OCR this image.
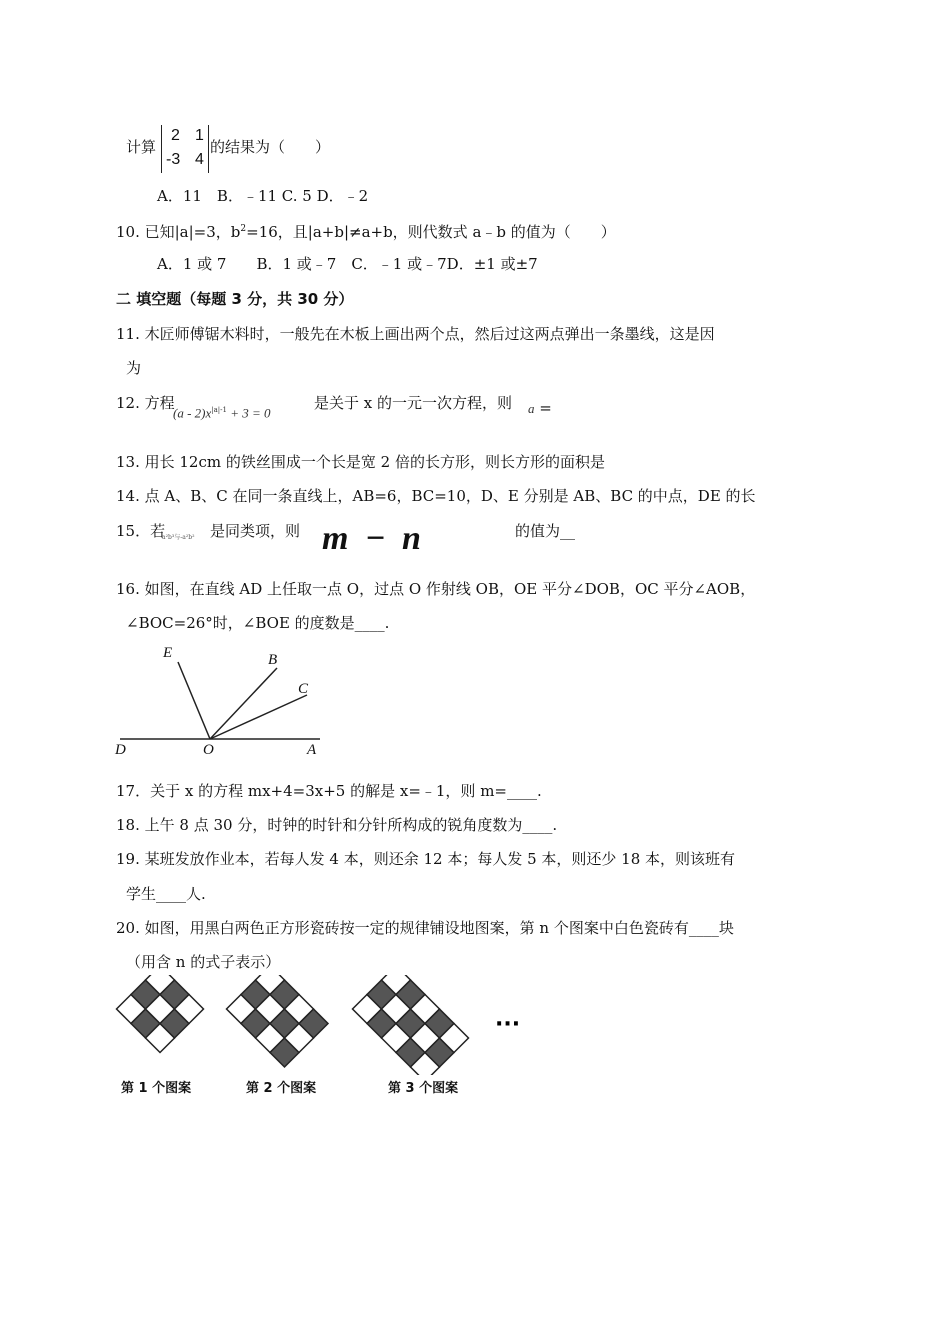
计算
2 1
-3 4
的结果为（　　）
A．11　B．﹣11 C. 5 D．﹣2
10. 已知|a|=3，$b^2=16$，且|a+b|≠a+b，则代数式 a﹣b 的值为（　　）
A．1 或 7　　B．1 或﹣7　C．﹣1 或﹣7D．±1 或±7
二 填空题（每题 3 分，共 30 分）
11. 木匠师傅锯木料时，一般先在木板上画出两个点，然后过这两点弹出一条墨线，这是因
为
12. 方程
$(a - 2)x^{|a|-1} + 3 = 0$
是关于 x 的一元一次方程，则 a =
13. 用长 12cm 的铁丝围成一个长是宽 2 倍的长方形，则长方形的面积是
14. 点 A、B、C 在同一条直线上，AB=6，BC=10，D、E 分别是 AB、BC 的中点，DE 的长
15．若
a²b³与-a²b² 是同类项，则 m − n	的值为__
16. 如图，在直线 AD 上任取一点 O，过点 O 作射线 OB，OE 平分∠DOB，OC 平分∠AOB，
∠BOC=26°时，∠BOE 的度数是____.
E	B
C
D	O	A
17．关于 x 的方程 mx+4=3x+5 的解是 x=﹣1，则 m=____.
18. 上午 8 点 30 分，时钟的时针和分针所构成的锐角度数为____.
19. 某班发放作业本，若每人发 4 本，则还余 12 本；每人发 5 本，则还少 18 本，则该班有
学生____人.
20. 如图，用黑白两色正方形瓷砖按一定的规律铺设地图案，第 n 个图案中白色瓷砖有____块
（用含 n 的式子表示）
···
第 1 个图案	第 2 个图案	第 3 个图案
